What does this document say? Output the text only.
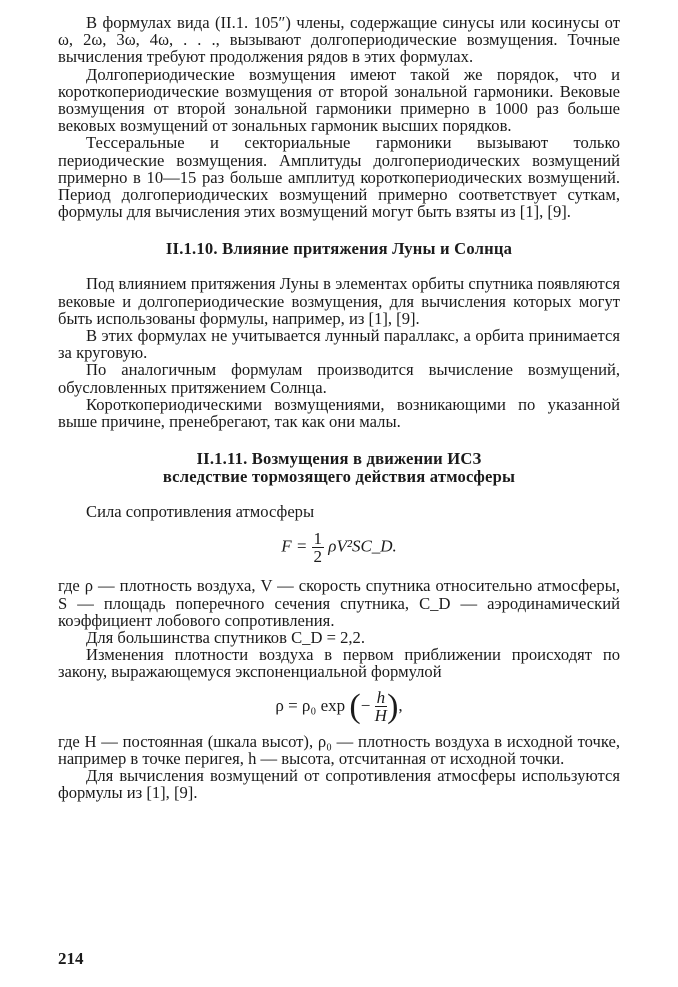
В формулах вида (II.1. 105″) члены, содержащие синусы или косинусы от ω, 2ω, 3ω, 4ω, . . ., вызывают долгопериодические возмущения. Точные вычисления требуют продолжения рядов в этих формулах.

Долгопериодические возмущения имеют такой же порядок, что и короткопериодические возмущения от второй зональной гармоники. Вековые возмущения от второй зональной гармоники примерно в 1000 раз больше вековых возмущений от зональных гармоник высших порядков.

Тессеральные и секториальные гармоники вызывают только периодические возмущения. Амплитуды долгопериодических возмущений примерно в 10—15 раз больше амплитуд короткопериодических возмущений. Период долгопериодических возмущений примерно соответствует суткам, формулы для вычисления этих возмущений могут быть взяты из [1], [9].

II.1.10. Влияние притяжения Луны и Солнца

Под влиянием притяжения Луны в элементах орбиты спутника появляются вековые и долгопериодические возмущения, для вычисления которых могут быть использованы формулы, например, из [1], [9].

В этих формулах не учитывается лунный параллакс, а орбита принимается за круговую.

По аналогичным формулам производится вычисление возмущений, обусловленных притяжением Солнца.

Короткопериодическими возмущениями, возникающими по указанной выше причине, пренебрегают, так как они малы.

II.1.11. Возмущения в движении ИСЗ
вследствие тормозящего действия атмосферы

Сила сопротивления атмосферы

$F = \frac{1}{2}$ ρV²SC_D.

где ρ — плотность воздуха, V — скорость спутника относительно атмосферы, S — площадь поперечного сечения спутника, C_D — аэродинамический коэффициент лобового сопротивления.

Для большинства спутников C_D = 2,2.

Изменения плотности воздуха в первом приближении происходят по закону, выражающемуся экспоненциальной формулой

ρ = ρ₀ exp (− $\frac{h}{H}$ ),

где H — постоянная (шкала высот), ρ₀ — плотность воздуха в исходной точке, например в точке перигея, h — высота, отсчитанная от исходной точки.

Для вычисления возмущений от сопротивления атмосферы используются формулы из [1], [9].

214
